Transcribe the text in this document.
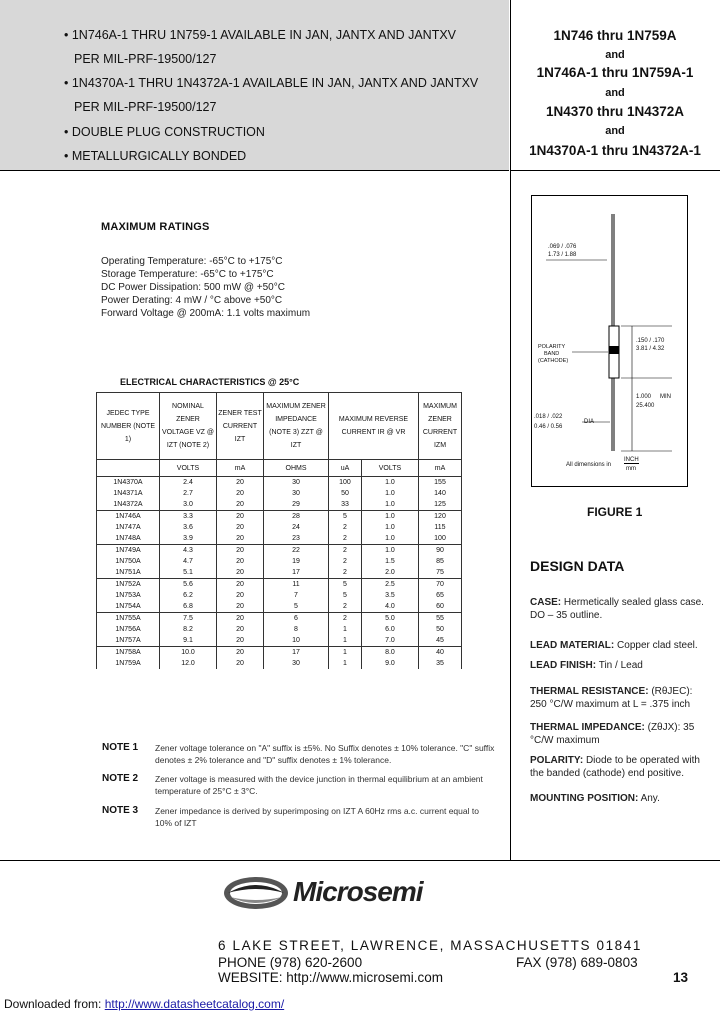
• 1N746A-1 THRU 1N759-1 AVAILABLE IN JAN, JANTX AND JANTXV
PER MIL-PRF-19500/127
• 1N4370A-1 THRU 1N4372A-1 AVAILABLE IN JAN, JANTX AND JANTXV
PER MIL-PRF-19500/127
• DOUBLE PLUG CONSTRUCTION
• METALLURGICALLY BONDED
1N746 thru 1N759A
and
1N746A-1 thru 1N759A-1
and
1N4370 thru 1N4372A
and
1N4370A-1 thru 1N4372A-1
MAXIMUM RATINGS
Operating Temperature: -65°C to +175°C
Storage Temperature: -65°C to +175°C
DC Power Dissipation: 500 mW @ +50°C
Power Derating: 4 mW / °C above +50°C
Forward Voltage @ 200mA: 1.1 volts maximum
ELECTRICAL CHARACTERISTICS @ 25°C
JEDEC TYPE NUMBER (NOTE 1)	NOMINAL ZENER VOLTAGE VZ @ IZT (NOTE 2)	ZENER TEST CURRENT IZT	MAXIMUM ZENER IMPEDANCE (NOTE 3) ZZT @ IZT	MAXIMUM REVERSE CURRENT IR @ VR		MAXIMUM ZENER CURRENT IZM
	VOLTS	mA	OHMS	uA	VOLTS	mA
1N4370A	2.4	20	30	100	1.0	155
1N4371A	2.7	20	30	50	1.0	140
1N4372A	3.0	20	29	33	1.0	125
1N746A	3.3	20	28	5	1.0	120
1N747A	3.6	20	24	2	1.0	115
1N748A	3.9	20	23	2	1.0	100
1N749A	4.3	20	22	2	1.0	90
1N750A	4.7	20	19	2	1.5	85
1N751A	5.1	20	17	2	2.0	75
1N752A	5.6	20	11	5	2.5	70
1N753A	6.2	20	7	5	3.5	65
1N754A	6.8	20	5	2	4.0	60
1N755A	7.5	20	6	2	5.0	55
1N756A	8.2	20	8	1	6.0	50
1N757A	9.1	20	10	1	7.0	45
1N758A	10.0	20	17	1	8.0	40
1N759A	12.0	20	30	1	9.0	35
NOTE 1 Zener voltage tolerance on "A" suffix is ±5%. No Suffix denotes ± 10% tolerance. "C" suffix denotes ± 2% tolerance and "D" suffix denotes ± 1% tolerance.
NOTE 2 Zener voltage is measured with the device junction in thermal equilibrium at an ambient temperature of 25°C ± 3°C.
NOTE 3 Zener impedance is derived by superimposing on IZT A 60Hz rms a.c. current equal to 10% of IZT
.069 / .076
1.73 / 1.88
.150 / .170
3.81 / 4.32
POLARITY
BAND
(CATHODE)
1.000 MIN
25.400
.018 / .022
DIA
0.46 / 0.56
All dimensions in
INCH
mm
FIGURE 1
DESIGN DATA
CASE: Hermetically sealed glass case. DO – 35 outline.
LEAD MATERIAL: Copper clad steel.
LEAD FINISH: Tin / Lead
THERMAL RESISTANCE: (RθJEC): 250 °C/W maximum at L = .375 inch
THERMAL IMPEDANCE: (ZθJX): 35 °C/W maximum
POLARITY: Diode to be operated with the banded (cathode) end positive.
MOUNTING POSITION: Any.
Microsemi
6 LAKE STREET, LAWRENCE, MASSACHUSETTS 01841
PHONE (978) 620-2600	FAX (978) 689-0803
WEBSITE: http://www.microsemi.com	13
Downloaded from: http://www.datasheetcatalog.com/
